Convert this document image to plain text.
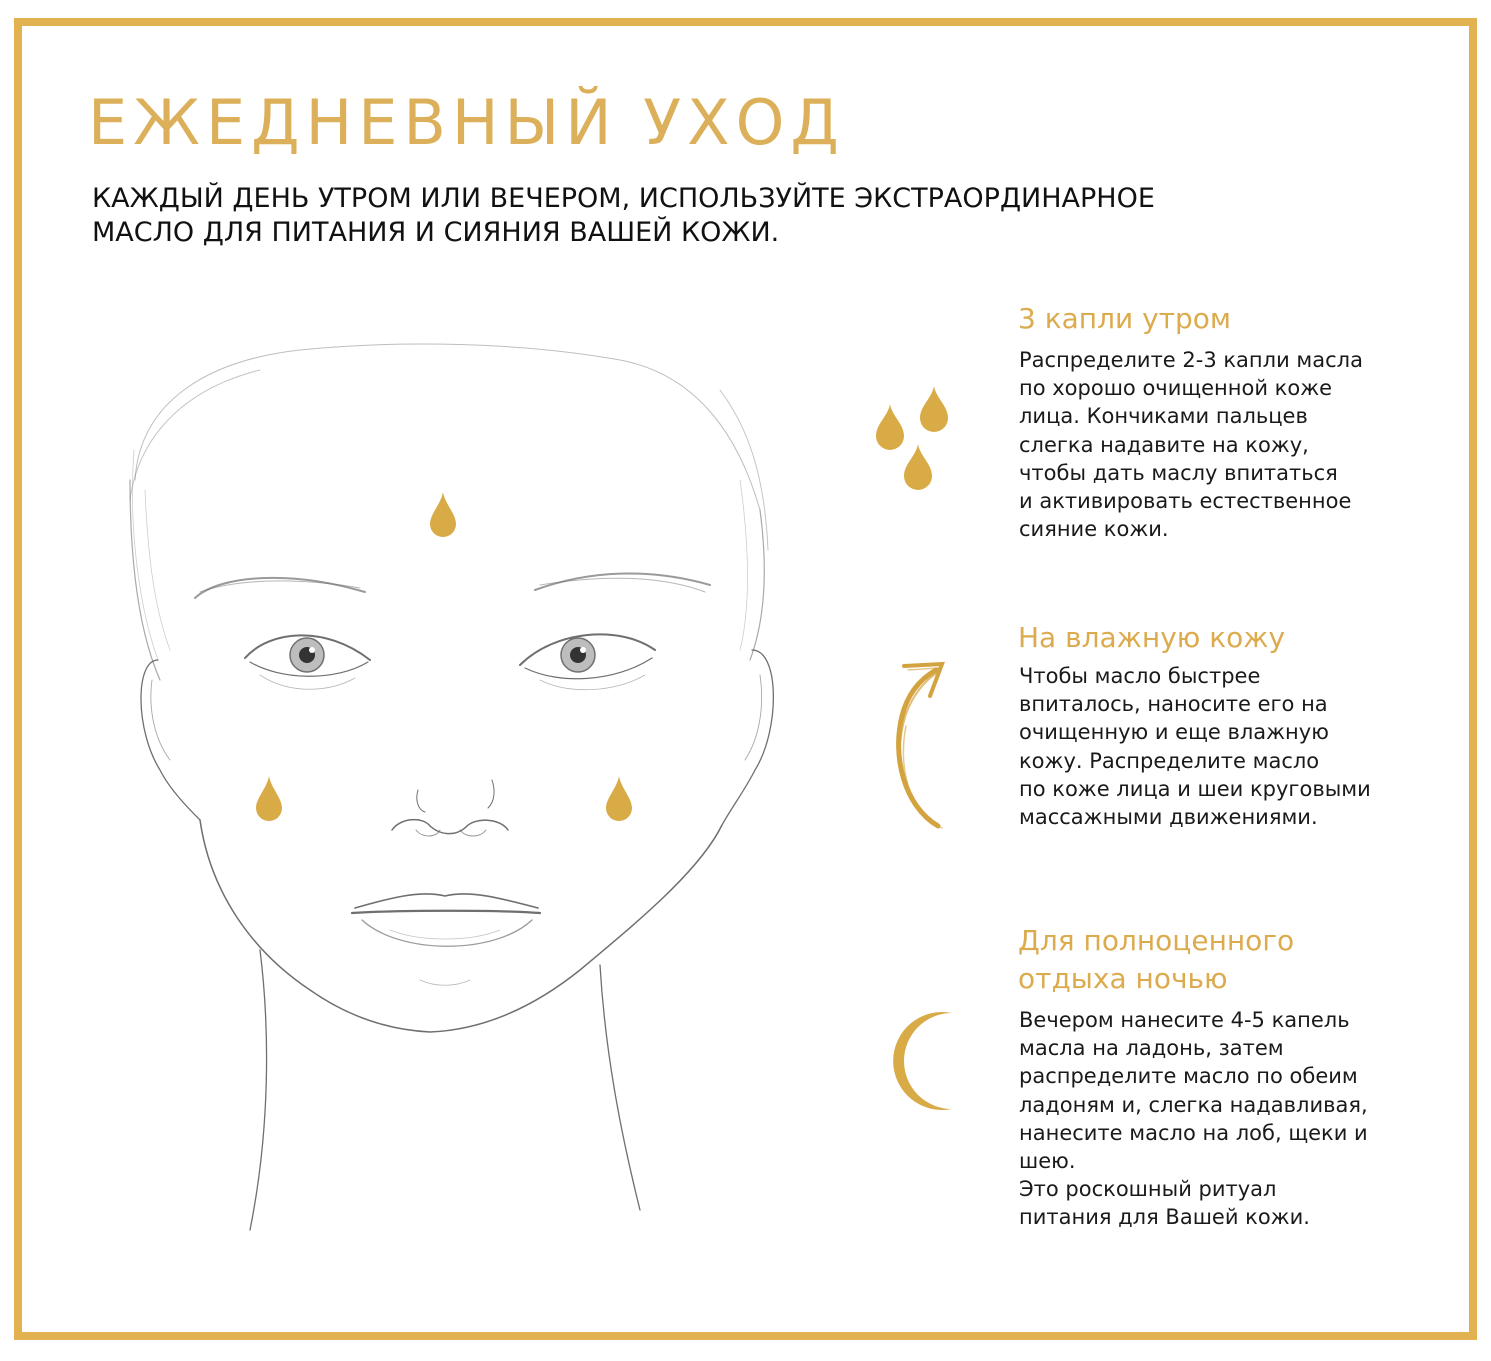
ЕЖЕДНЕВНЫЙ УХОД

КАЖДЫЙ ДЕНЬ УТРОМ ИЛИ ВЕЧЕРОМ, ИСПОЛЬЗУЙТЕ ЭКСТРАОРДИНАРНОЕ
МАСЛО ДЛЯ ПИТАНИЯ И СИЯНИЯ ВАШЕЙ КОЖИ.

3 капли утром

Распределите 2-3 капли масла
по хорошо очищенной коже
лица. Кончиками пальцев
слегка надавите на кожу,
чтобы дать маслу впитаться
и активировать естественное
сияние кожи.

На влажную кожу

Чтобы масло быстрее
впиталось, наносите его на
очищенную и еще влажную
кожу. Распределите масло
по коже лица и шеи круговыми
массажными движениями.

Для полноценного
отдыха ночью

Вечером нанесите 4-5 капель
масла на ладонь, затем
распределите масло по обеим
ладоням и, слегка надавливая,
нанесите масло на лоб, щеки и
шею.
Это роскошный ритуал
питания для Вашей кожи.
